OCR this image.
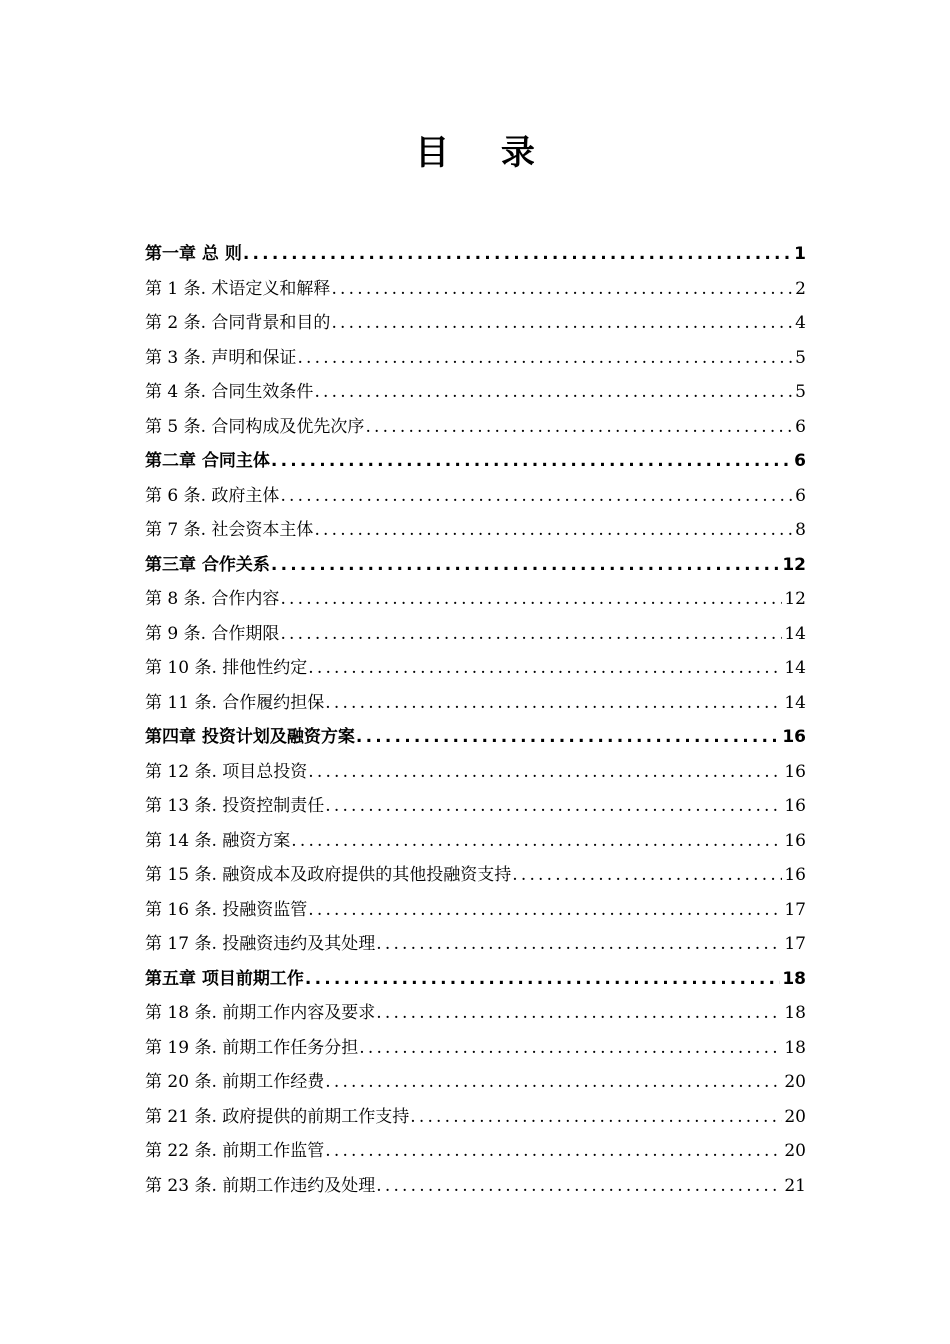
目 录
第一章 总 则 .....	1
第 1 条. 术语定义和解释 .....	2
第 2 条. 合同背景和目的 .....	4
第 3 条. 声明和保证 .....	5
第 4 条. 合同生效条件 .....	5
第 5 条. 合同构成及优先次序 .....	6
第二章 合同主体 .....	6
第 6 条. 政府主体 .....	6
第 7 条. 社会资本主体 .....	8
第三章 合作关系 .....	12
第 8 条. 合作内容 .....	12
第 9 条. 合作期限 .....	14
第 10 条. 排他性约定 .....	14
第 11 条. 合作履约担保 .....	14
第四章 投资计划及融资方案 .....	16
第 12 条. 项目总投资 .....	16
第 13 条. 投资控制责任 .....	16
第 14 条. 融资方案 .....	16
第 15 条. 融资成本及政府提供的其他投融资支持 .....	16
第 16 条. 投融资监管 .....	17
第 17 条. 投融资违约及其处理 .....	17
第五章 项目前期工作 .....	18
第 18 条. 前期工作内容及要求 .....	18
第 19 条. 前期工作任务分担 .....	18
第 20 条. 前期工作经费 .....	20
第 21 条. 政府提供的前期工作支持 .....	20
第 22 条. 前期工作监管 .....	20
第 23 条. 前期工作违约及处理 .....	21
